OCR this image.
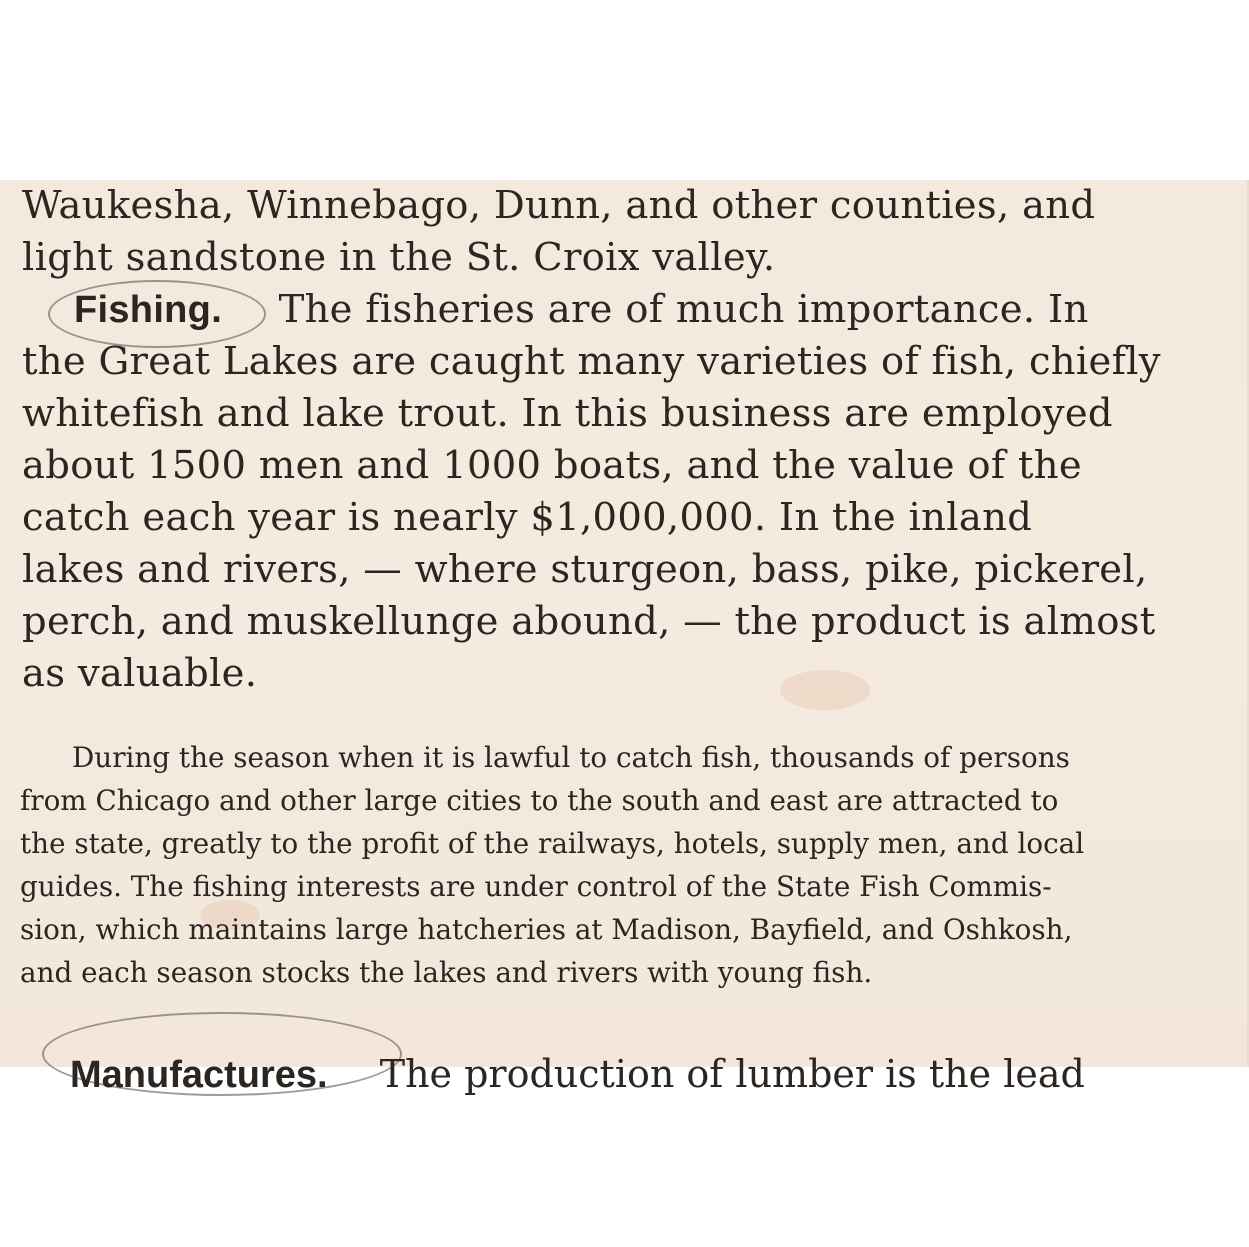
Waukesha, Winnebago, Dunn, and other counties, and
light sandstone in the St. Croix valley.
Fishing. The fisheries are of much importance. In
the Great Lakes are caught many varieties of fish, chiefly
whitefish and lake trout. In this business are employed
about 1500 men and 1000 boats, and the value of the
catch each year is nearly $1,000,000. In the inland
lakes and rivers, — where sturgeon, bass, pike, pickerel,
perch, and muskellunge abound, — the product is almost
as valuable.
During the season when it is lawful to catch fish, thousands of persons
from Chicago and other large cities to the south and east are attracted to
the state, greatly to the profit of the railways, hotels, supply men, and local
guides. The fishing interests are under control of the State Fish Commis-
sion, which maintains large hatcheries at Madison, Bayfield, and Oshkosh,
and each season stocks the lakes and rivers with young fish.
Manufactures. The production of lumber is the lead
